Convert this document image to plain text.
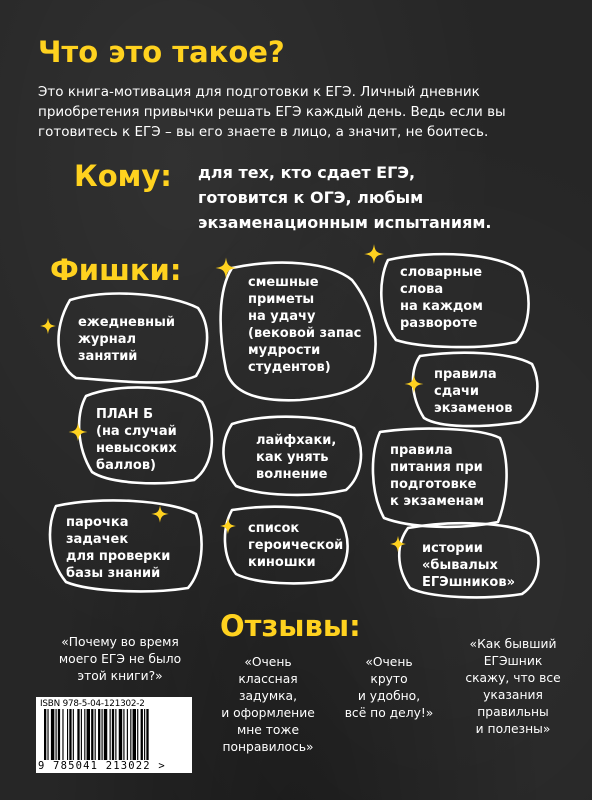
Что это такое?

Это книга-мотивация для подготовки к ЕГЭ. Личный дневник приобретения привычки решать ЕГЭ каждый день. Ведь если вы готовитесь к ЕГЭ – вы его знаете в лицо, а значит, не боитесь.

Кому: для тех, кто сдает ЕГЭ,
готовится к ОГЭ, любым
экзаменационным испытаниям.
Фишки:
ежедневный
журнал
занятий
смешные
приметы
на удачу
(вековой запас
мудрости
студентов)
словарные
слова
на каждом
развороте
правила
сдачи
экзаменов
ПЛАН Б
(на случай
невысоких
баллов)
лайфхаки,
как унять
волнение
правила
питания при
подготовке
к экзаменам
парочка
задачек
для проверки
базы знаний
список
героической
киношки
истории
«бывалых
ЕГЭшников»
Отзывы:
«Почему во время
моего ЕГЭ не было
этой книги?»
«Очень
классная
задумка,
и оформление
мне тоже
понравилось»
«Очень
круто
и удобно,
всё по делу!»
«Как бывший
ЕГЭшник
скажу, что все
указания
правильны
и полезны»
ISBN 978-5-04-121302-2
9 785041 213022 >
